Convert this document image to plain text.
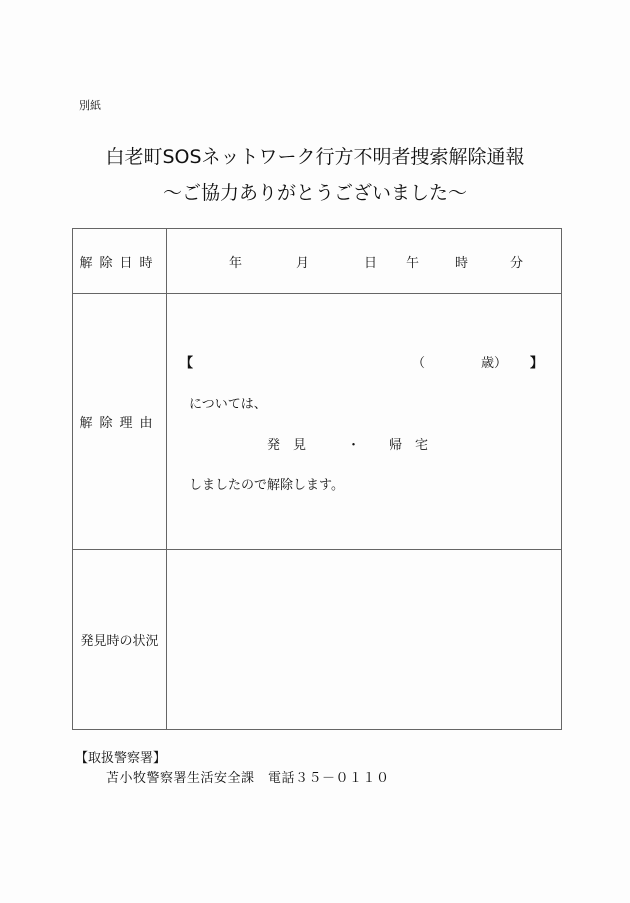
別紙
白老町SOSネットワーク行方不明者捜索解除通報
～ご協力ありがとうございました～
解除日時	年	月	日 午	時	分

解除理由	
【	（	歳） 】
については、
発　見	・ 帰　宅
しましたので解除します。

発見時の状況	
【取扱警察署】
苫小牧警察署生活安全課　電話３５－０１１０
